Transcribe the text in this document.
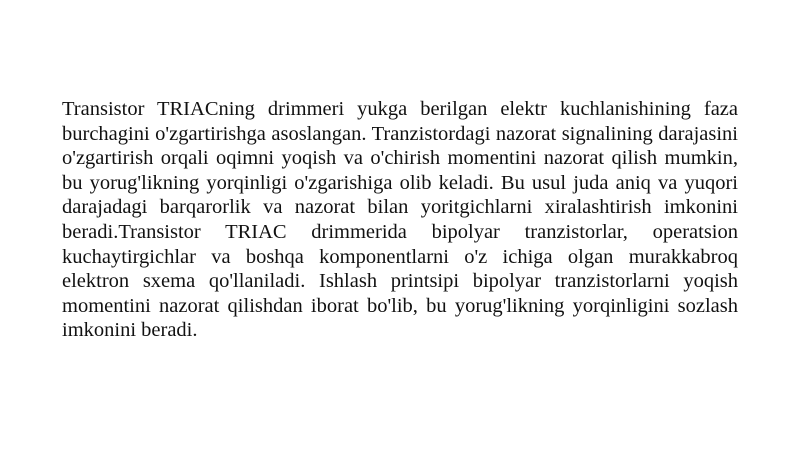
Transistor TRIACning drimmeri yukga berilgan elektr kuchlanishining faza burchagini o'zgartirishga asoslangan. Tranzistordagi nazorat signalining darajasini o'zgartirish orqali oqimni yoqish va o'chirish momentini nazorat qilish mumkin, bu yorug'likning yorqinligi o'zgarishiga olib keladi. Bu usul juda aniq va yuqori darajadagi barqarorlik va nazorat bilan yoritgichlarni xiralashtirish imkonini beradi.Transistor TRIAC drimmerida bipolyar tranzistorlar, operatsion kuchaytirgichlar va boshqa komponentlarni o'z ichiga olgan murakkabroq elektron sxema qo'llaniladi. Ishlash printsipi bipolyar tranzistorlarni yoqish momentini nazorat qilishdan iborat bo'lib, bu yorug'likning yorqinligini sozlash imkonini beradi.
